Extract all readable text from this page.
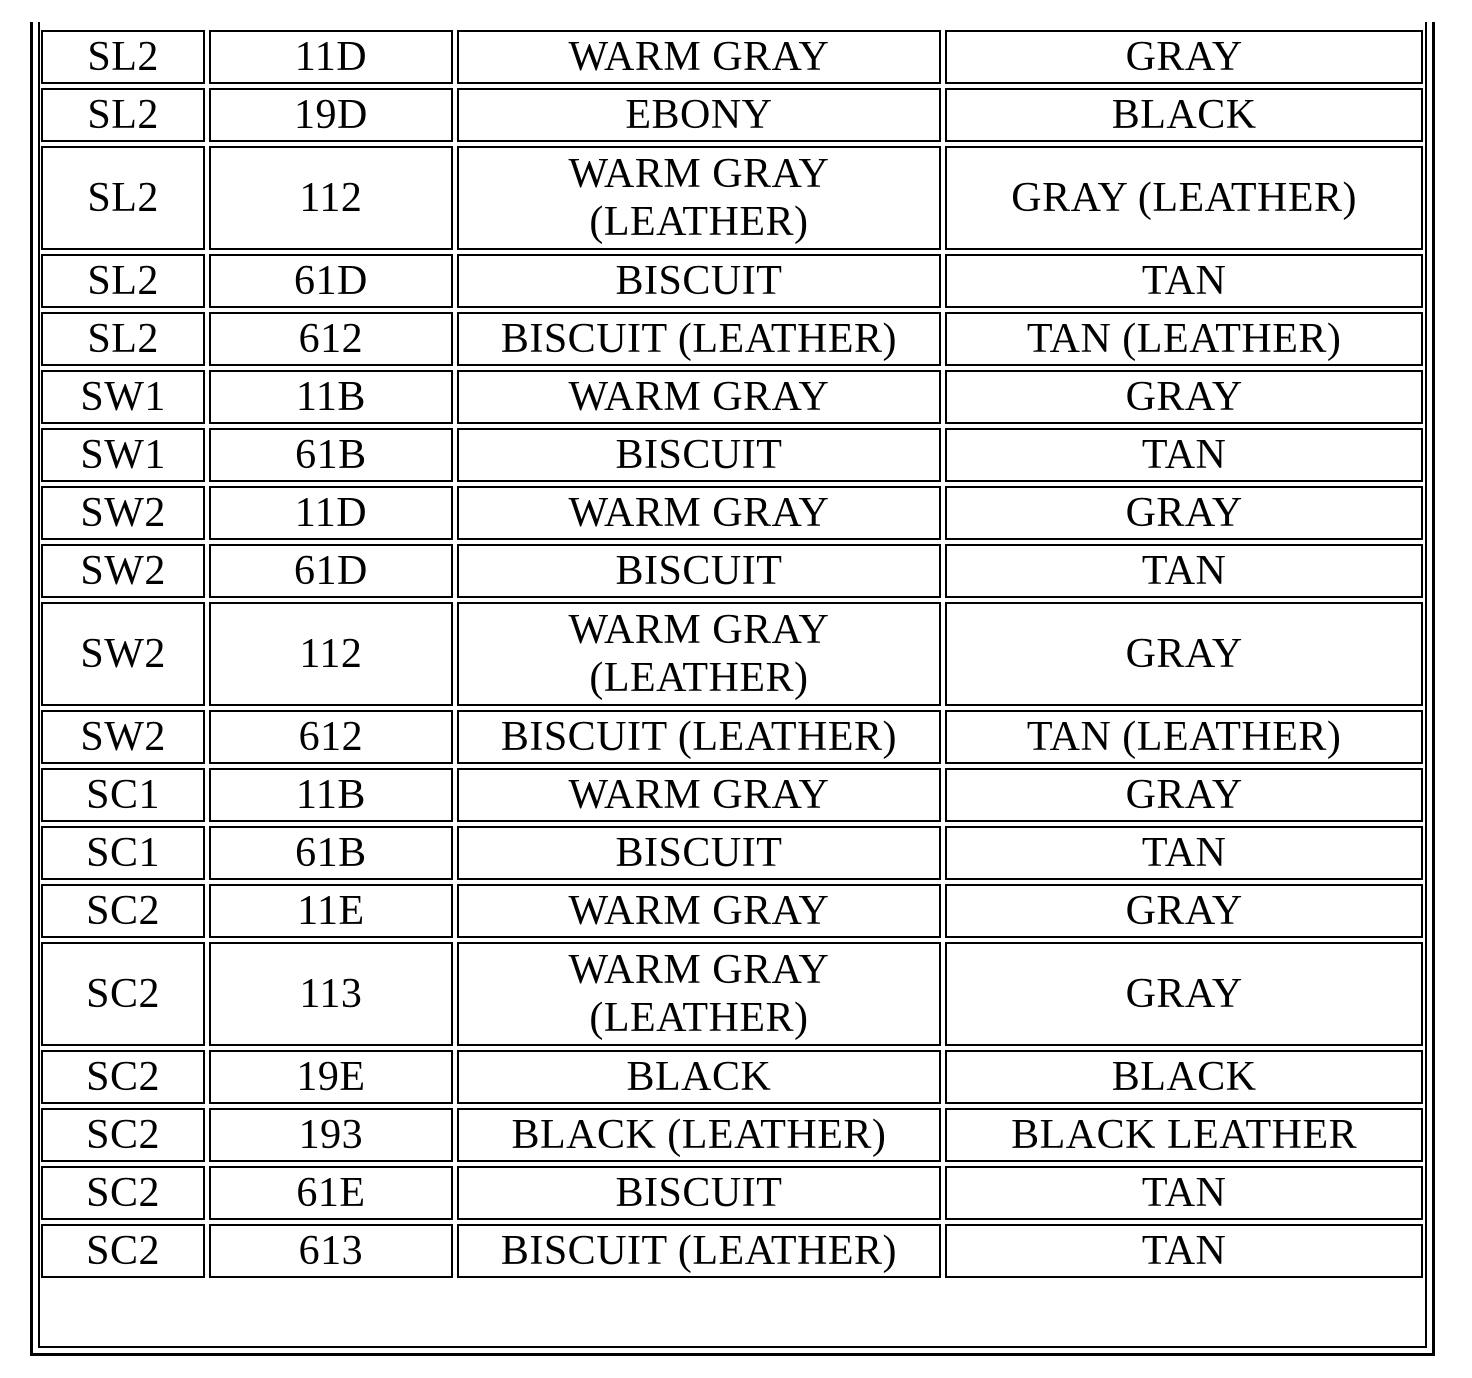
SL2	11D	WARM GRAY	GRAY
SL2	19D	EBONY	BLACK
SL2	112	WARM GRAY (LEATHER)	GRAY (LEATHER)
SL2	61D	BISCUIT	TAN
SL2	612	BISCUIT (LEATHER)	TAN (LEATHER)
SW1	11B	WARM GRAY	GRAY
SW1	61B	BISCUIT	TAN
SW2	11D	WARM GRAY	GRAY
SW2	61D	BISCUIT	TAN
SW2	112	WARM GRAY (LEATHER)	GRAY
SW2	612	BISCUIT (LEATHER)	TAN (LEATHER)
SC1	11B	WARM GRAY	GRAY
SC1	61B	BISCUIT	TAN
SC2	11E	WARM GRAY	GRAY
SC2	113	WARM GRAY (LEATHER)	GRAY
SC2	19E	BLACK	BLACK
SC2	193	BLACK (LEATHER)	BLACK LEATHER
SC2	61E	BISCUIT	TAN
SC2	613	BISCUIT (LEATHER)	TAN
